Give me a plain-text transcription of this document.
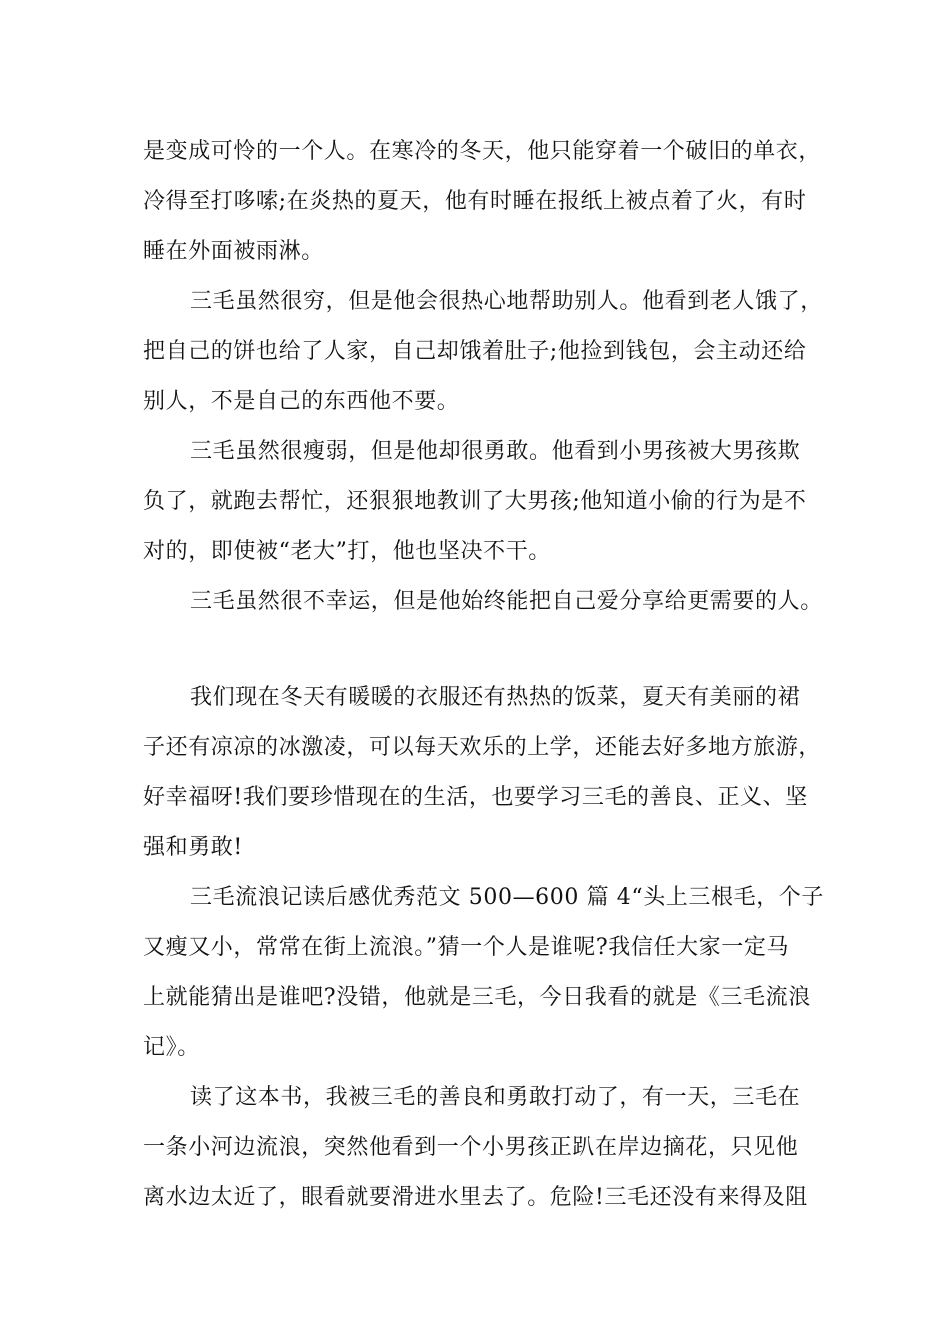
是变成可怜的一个人。在寒冷的冬天，他只能穿着一个破旧的单衣，
冷得至打哆嗦;在炎热的夏天，他有时睡在报纸上被点着了火，有时
睡在外面被雨淋。
三毛虽然很穷，但是他会很热心地帮助别人。他看到老人饿了，
把自己的饼也给了人家，自己却饿着肚子;他捡到钱包，会主动还给
别人，不是自己的东西他不要。
三毛虽然很瘦弱，但是他却很勇敢。他看到小男孩被大男孩欺
负了，就跑去帮忙，还狠狠地教训了大男孩;他知道小偷的行为是不
对的，即使被“老大”打，他也坚决不干。
三毛虽然很不幸运，但是他始终能把自己爱分享给更需要的人。
我们现在冬天有暖暖的衣服还有热热的饭菜，夏天有美丽的裙
子还有凉凉的冰激凌，可以每天欢乐的上学，还能去好多地方旅游，
好幸福呀!我们要珍惜现在的生活，也要学习三毛的善良、正义、坚
强和勇敢!
三毛流浪记读后感优秀范文 500—600 篇 4“头上三根毛，个子
又瘦又小，常常在街上流浪。”猜一个人是谁呢?我信任大家一定马
上就能猜出是谁吧?没错，他就是三毛，今日我看的就是《三毛流浪
记》。
读了这本书，我被三毛的善良和勇敢打动了，有一天，三毛在
一条小河边流浪，突然他看到一个小男孩正趴在岸边摘花，只见他
离水边太近了，眼看就要滑进水里去了。危险!三毛还没有来得及阻
